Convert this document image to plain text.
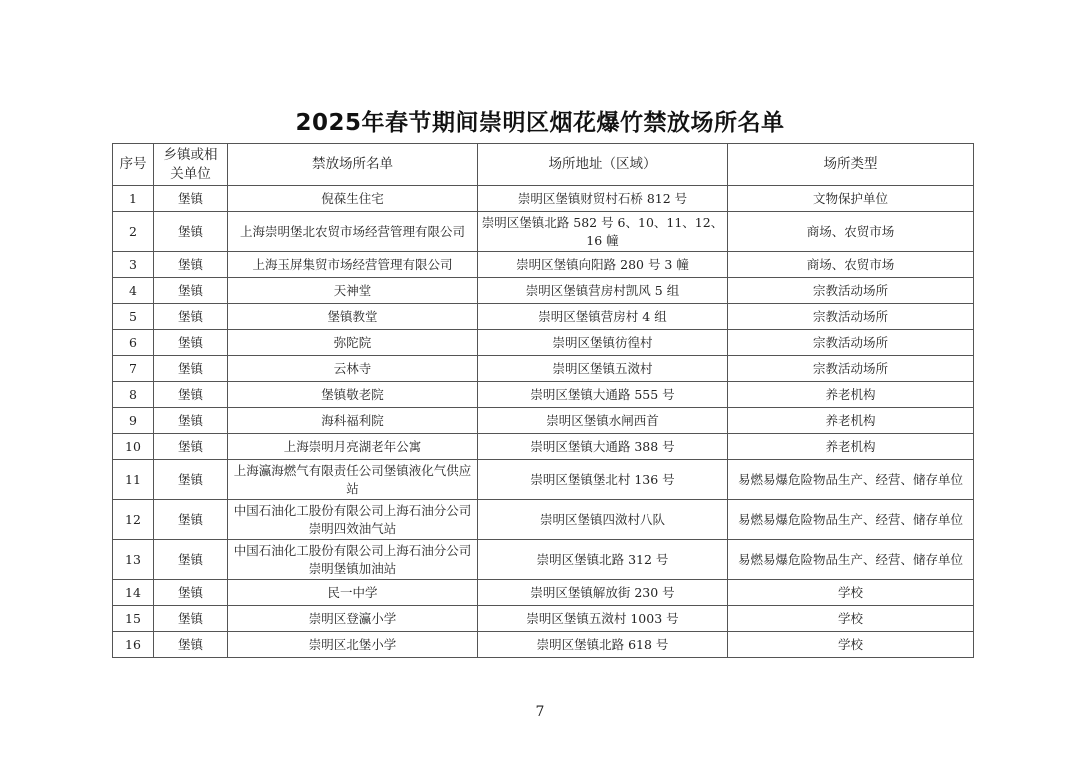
2025年春节期间崇明区烟花爆竹禁放场所名单
序号	乡镇或相关单位	禁放场所名单	场所地址（区域）	场所类型
1	堡镇	倪葆生住宅	崇明区堡镇财贸村石桥 812 号	文物保护单位
2	堡镇	上海崇明堡北农贸市场经营管理有限公司	崇明区堡镇北路 582 号 6、10、11、12、16 幢	商场、农贸市场
3	堡镇	上海玉屏集贸市场经营管理有限公司	崇明区堡镇向阳路 280 号 3 幢	商场、农贸市场
4	堡镇	天神堂	崇明区堡镇营房村凯风 5 组	宗教活动场所
5	堡镇	堡镇教堂	崇明区堡镇营房村 4 组	宗教活动场所
6	堡镇	弥陀院	崇明区堡镇彷徨村	宗教活动场所
7	堡镇	云林寺	崇明区堡镇五滧村	宗教活动场所
8	堡镇	堡镇敬老院	崇明区堡镇大通路 555 号	养老机构
9	堡镇	海科福利院	崇明区堡镇水闸西首	养老机构
10	堡镇	上海崇明月亮湖老年公寓	崇明区堡镇大通路 388 号	养老机构
11	堡镇	上海瀛海燃气有限责任公司堡镇液化气供应站	崇明区堡镇堡北村 136 号	易燃易爆危险物品生产、经营、储存单位
12	堡镇	中国石油化工股份有限公司上海石油分公司崇明四效油气站	崇明区堡镇四滧村八队	易燃易爆危险物品生产、经营、储存单位
13	堡镇	中国石油化工股份有限公司上海石油分公司崇明堡镇加油站	崇明区堡镇北路 312 号	易燃易爆危险物品生产、经营、储存单位
14	堡镇	民一中学	崇明区堡镇解放街 230 号	学校
15	堡镇	崇明区登瀛小学	崇明区堡镇五滧村 1003 号	学校
16	堡镇	崇明区北堡小学	崇明区堡镇北路 618 号	学校
7
